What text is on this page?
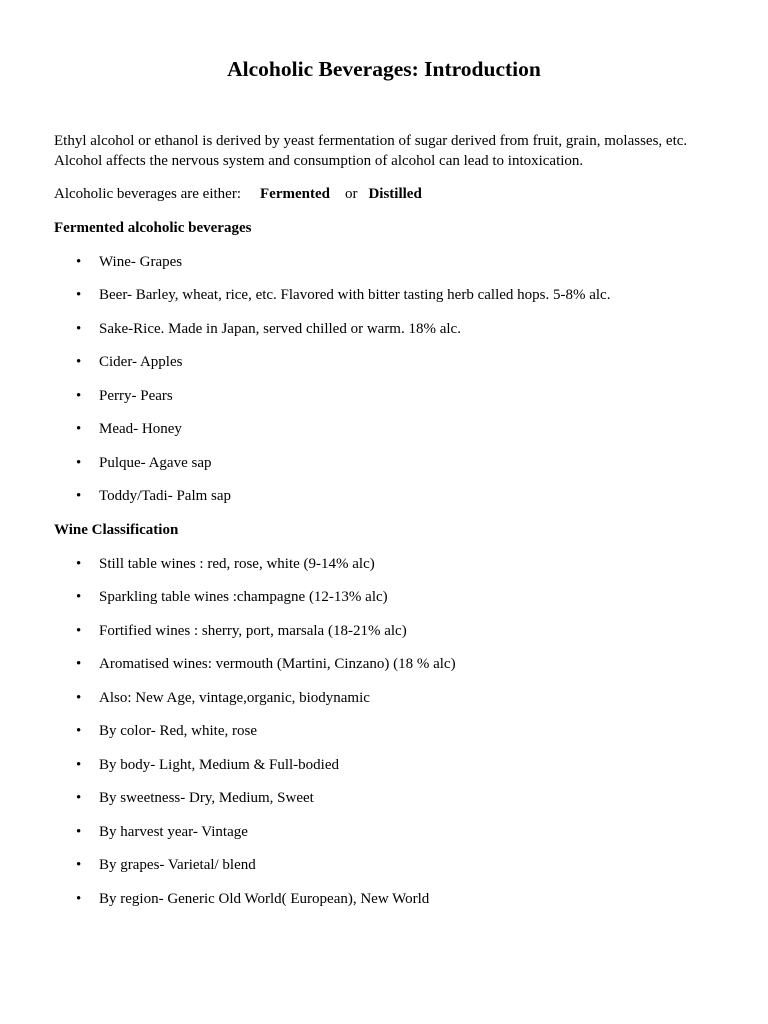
Alcoholic Beverages: Introduction

Ethyl alcohol or ethanol is derived by yeast fermentation of sugar derived from fruit, grain, molasses, etc.
Alcohol affects the nervous system and consumption of alcohol can lead to intoxication.

Alcoholic beverages are either: Fermented or Distilled

Fermented alcoholic beverages

• Wine- Grapes
• Beer- Barley, wheat, rice, etc. Flavored with bitter tasting herb called hops. 5-8% alc.
• Sake-Rice. Made in Japan, served chilled or warm. 18% alc.
• Cider- Apples
• Perry- Pears
• Mead- Honey
• Pulque- Agave sap
• Toddy/Tadi- Palm sap

Wine Classification

• Still table wines : red, rose, white (9-14% alc)
• Sparkling table wines :champagne (12-13% alc)
• Fortified wines : sherry, port, marsala (18-21% alc)
• Aromatised wines: vermouth (Martini, Cinzano) (18 % alc)
• Also: New Age, vintage,organic, biodynamic
• By color- Red, white, rose
• By body- Light, Medium & Full-bodied
• By sweetness- Dry, Medium, Sweet
• By harvest year- Vintage
• By grapes- Varietal/ blend
• By region- Generic Old World( European), New World
